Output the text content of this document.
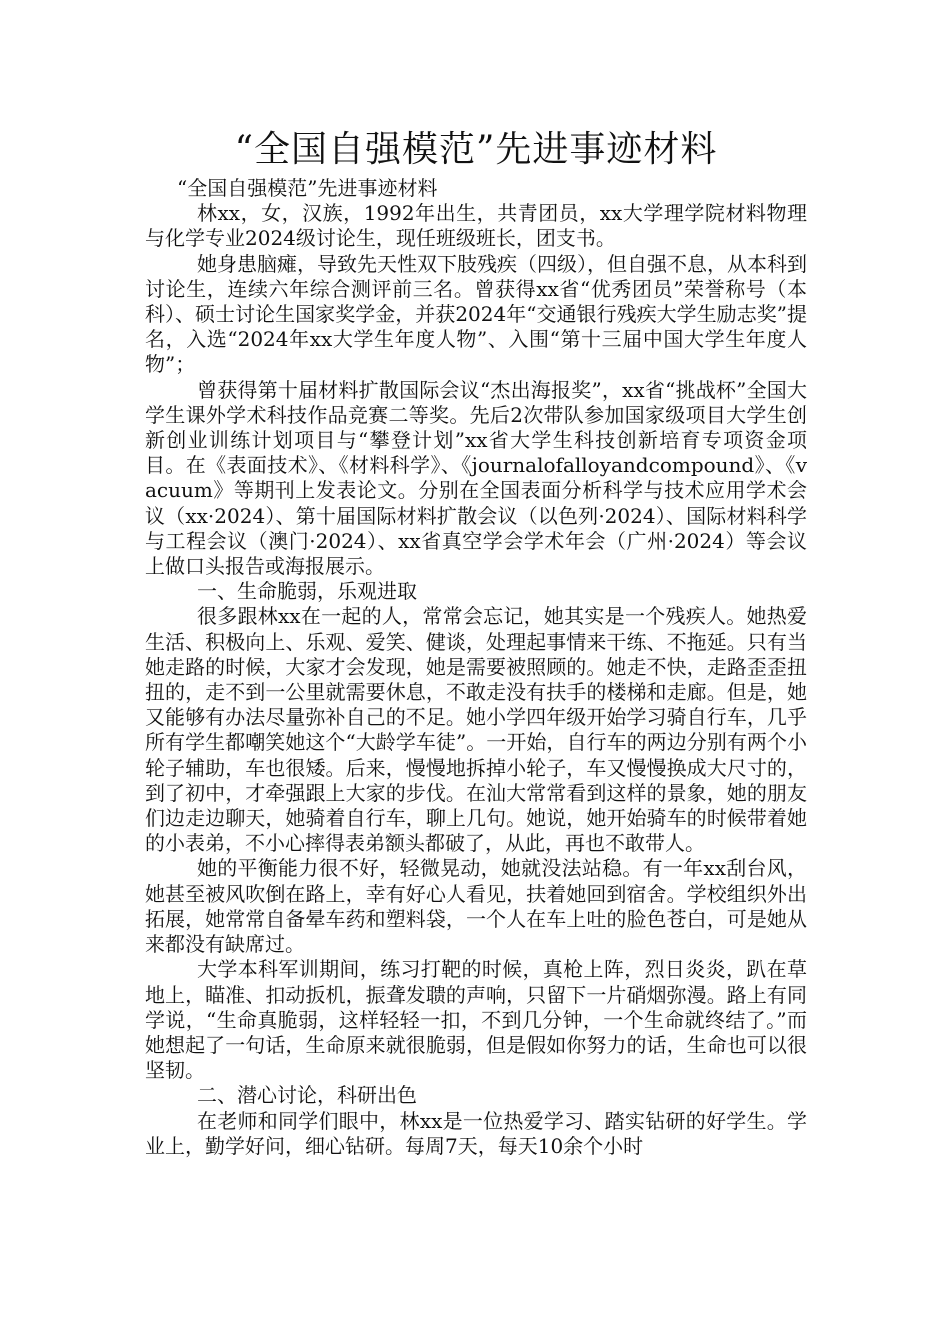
“全国自强模范”先进事迹材料

“全国自强模范”先进事迹材料

林xx，女，汉族，1992年出生，共青团员，xx大学理学院材料物理与化学专业2024级讨论生，现任班级班长，团支书。

她身患脑瘫，导致先天性双下肢残疾（四级），但自强不息，从本科到讨论生，连续六年综合测评前三名。曾获得xx省“优秀团员”荣誉称号（本科）、硕士讨论生国家奖学金，并获2024年“交通银行残疾大学生励志奖”提名，入选“2024年xx大学生年度人物”、入围“第十三届中国大学生年度人物”；

曾获得第十届材料扩散国际会议“杰出海报奖”，xx省“挑战杯”全国大学生课外学术科技作品竞赛二等奖。先后2次带队参加国家级项目大学生创新创业训练计划项目与“攀登计划”xx省大学生科技创新培育专项资金项目。在《表面技术》、《材料科学》、《journalofalloyandcompound》、《vacuum》等期刊上发表论文。分别在全国表面分析科学与技术应用学术会议（xx·2024）、第十届国际材料扩散会议（以色列·2024）、国际材料科学与工程会议（澳门·2024）、xx省真空学会学术年会（广州·2024）等会议上做口头报告或海报展示。

一、生命脆弱，乐观进取

很多跟林xx在一起的人，常常会忘记，她其实是一个残疾人。她热爱生活、积极向上、乐观、爱笑、健谈，处理起事情来干练、不拖延。只有当她走路的时候，大家才会发现，她是需要被照顾的。她走不快，走路歪歪扭扭的，走不到一公里就需要休息，不敢走没有扶手的楼梯和走廊。但是，她又能够有办法尽量弥补自己的不足。她小学四年级开始学习骑自行车，几乎所有学生都嘲笑她这个“大龄学车徒”。一开始，自行车的两边分别有两个小轮子辅助，车也很矮。后来，慢慢地拆掉小轮子，车又慢慢换成大尺寸的，到了初中，才牵强跟上大家的步伐。在汕大常常看到这样的景象，她的朋友们边走边聊天，她骑着自行车，聊上几句。她说，她开始骑车的时候带着她的小表弟，不小心摔得表弟额头都破了，从此，再也不敢带人。

她的平衡能力很不好，轻微晃动，她就没法站稳。有一年xx刮台风，她甚至被风吹倒在路上，幸有好心人看见，扶着她回到宿舍。学校组织外出拓展，她常常自备晕车药和塑料袋，一个人在车上吐的脸色苍白，可是她从来都没有缺席过。

大学本科军训期间，练习打靶的时候，真枪上阵，烈日炎炎，趴在草地上，瞄准、扣动扳机，振聋发聩的声响，只留下一片硝烟弥漫。路上有同学说，“生命真脆弱，这样轻轻一扣，不到几分钟，一个生命就终结了。”而她想起了一句话，生命原来就很脆弱，但是假如你努力的话，生命也可以很坚韧。

二、潜心讨论，科研出色

在老师和同学们眼中，林xx是一位热爱学习、踏实钻研的好学生。学业上，勤学好问，细心钻研。每周7天，每天10余个小时
